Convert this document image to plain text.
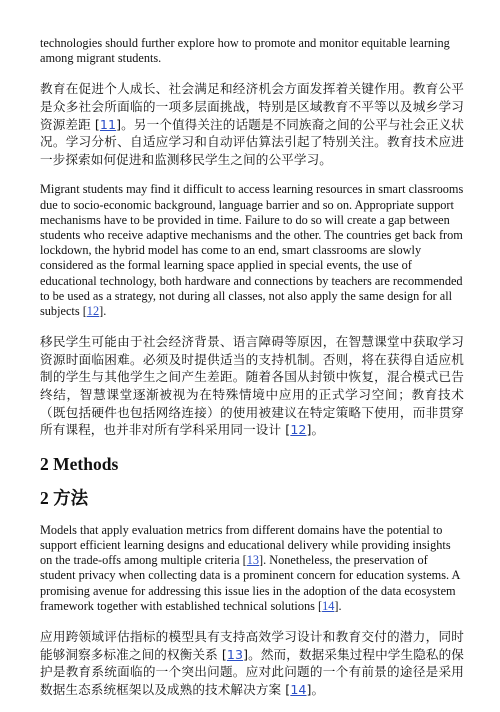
technologies should further explore how to promote and monitor equitable learning among migrant students.

教育在促进个人成长、社会满足和经济机会方面发挥着关键作用。教育公平是众多社会所面临的一项多层面挑战，特别是区域教育不平等以及城乡学习资源差距 [11]。另一个值得关注的话题是不同族裔之间的公平与社会正义状况。学习分析、自适应学习和自动评估算法引起了特别关注。教育技术应进一步探索如何促进和监测移民学生之间的公平学习。

Migrant students may find it difficult to access learning resources in smart classrooms due to socio-economic background, language barrier and so on. Appropriate support mechanisms have to be provided in time. Failure to do so will create a gap between students who receive adaptive mechanisms and the other. The countries get back from lockdown, the hybrid model has come to an end, smart classrooms are slowly considered as the formal learning space applied in special events, the use of educational technology, both hardware and connections by teachers are recommended to be used as a strategy, not during all classes, not also apply the same design for all subjects [12].

移民学生可能由于社会经济背景、语言障碍等原因，在智慧课堂中获取学习资源时面临困难。必须及时提供适当的支持机制。否则，将在获得自适应机制的学生与其他学生之间产生差距。随着各国从封锁中恢复，混合模式已告终结，智慧课堂逐渐被视为在特殊情境中应用的正式学习空间；教育技术（既包括硬件也包括网络连接）的使用被建议在特定策略下使用，而非贯穿所有课程，也并非对所有学科采用同一设计 [12]。

2 Methods
2 方法

Models that apply evaluation metrics from different domains have the potential to support efficient learning designs and educational delivery while providing insights on the trade-offs among multiple criteria [13]. Nonetheless, the preservation of student privacy when collecting data is a prominent concern for education systems. A promising avenue for addressing this issue lies in the adoption of the data ecosystem framework together with established technical solutions [14].

应用跨领域评估指标的模型具有支持高效学习设计和教育交付的潜力，同时能够洞察多标准之间的权衡关系 [13]。然而，数据采集过程中学生隐私的保护是教育系统面临的一个突出问题。应对此问题的一个有前景的途径是采用数据生态系统框架以及成熟的技术解决方案 [14]。
